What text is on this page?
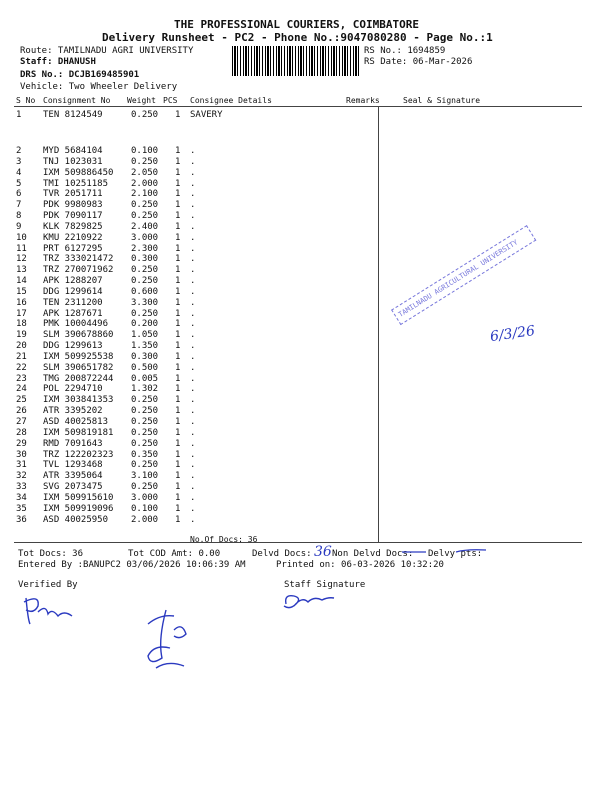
THE PROFESSIONAL COURIERS, COIMBATORE
Delivery Runsheet - PC2 - Phone No.:9047080280 - Page No.:1
Route: TAMILNADU AGRI UNIVERSITY
Staff: DHANUSH
DRS No.: DCJB169485901
Vehicle: Two Wheeler Delivery
RS No.: 1694859
RS Date: 06-Mar-2026
S No Consignment No Weight PCS Consignee Details	Remarks	Seal & Signature
1 TEN 8124549	0.250 1 SAVERY
2 MYD 5684104	0.100 1 .
3 TNJ 1023031	0.250 1 .
4 IXM 509886450 2.050 1 .
5 TMI 10251185	2.000 1 .
6 TVR 2051711	2.100 1 .
7 PDK 9980983	0.250 1 .
8 PDK 7090117	0.250 1 .
9 KLK 7829825	2.400 1 .
10 KMU 2210922	3.000 1 .
11 PRT 6127295	2.300 1 .
12 TRZ 333021472 0.300 1 .
13 TRZ 270071962 0.250 1 .
14 APK 1288207	0.250 1 .
15 DDG 1299614	0.600 1 .
16 TEN 2311200	3.300 1 .
17 APK 1287671	0.250 1 .
18 PMK 10004496	0.200 1 .
19 SLM 390678860 1.050 1 .
20 DDG 1299613	1.350 1 .
21 IXM 509925538 0.300 1 .
22 SLM 390651782 0.500 1 .
23 TMG 200872244 0.005 1 .
24 POL 2294710	1.302 1 .
25 IXM 303841353 0.250 1 .
26 ATR 3395202	0.250 1 .
27 ASD 40025813	0.250 1 .
28 IXM 509819181 0.250 1 .
29 RMD 7091643	0.250 1 .
30 TRZ 122202323 0.350 1 .
31 TVL 1293468	0.250 1 .
32 ATR 3395064	3.100 1 .
33 SVG 2073475	0.250 1 .
34 IXM 509915610 3.000 1 .
35 IXM 509919096 0.100 1 .
36 ASD 40025950	2.000 1 .
No.Of Docs: 36
Tot Docs: 36	Tot COD Amt: 0.00	Delvd Docs: 36 Non Delvd Docs: Delvy pts:
Entered By :BANUPC2 03/06/2026 10:06:39 AM	Printed on: 06-03-2026 10:32:20
Verified By	Staff Signature
TAMILNADU AGRICULTURAL UNIVERSITY
6/3/26
